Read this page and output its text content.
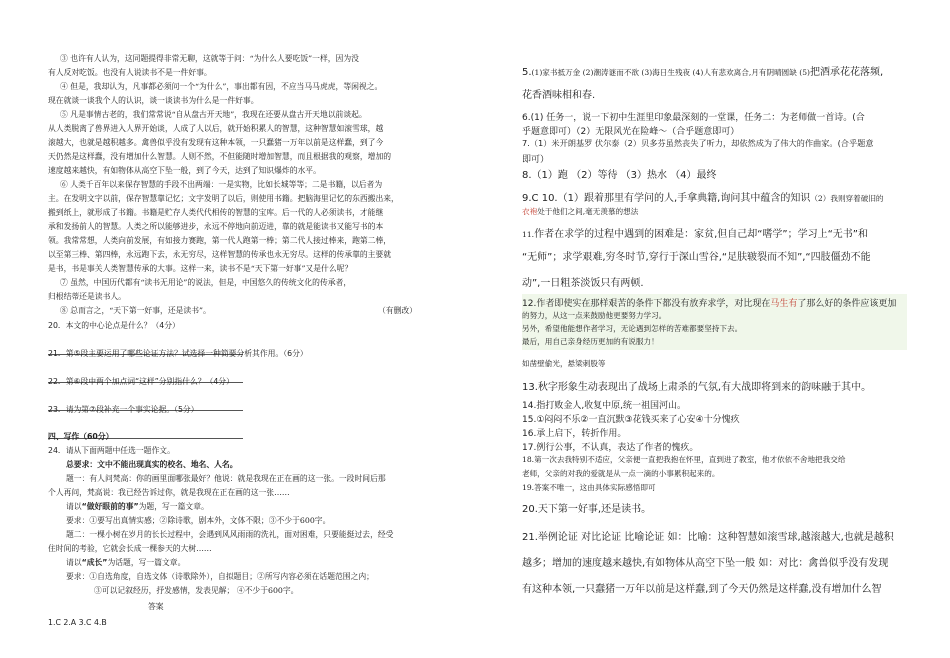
③ 也许有人认为，这同题提得非常无聊，这就等于问：“为什么人要吃饭”一样，因为没
有人反对吃饭。也没有人说读书不是一件好事。
④ 但是，我却认为，凡事都必须问一个“为什么”，事出都有因，不应当马马虎虎，等闲视之。
现在就谈一谈我个人的认识，谈一谈读书为什么是一件好事。
⑤ 凡是事情古老的，我们常常说“自从盘古开天地”，我现在还要从盘古开天地以前谈起。
从人类脱离了兽界进入人界开始谈，人成了人以后，就开始积累人的智慧，这种智慧如滚雪球，越
滚越大，也就是越积越多。禽兽似乎没有发现有这种本领，一只蠢猪一万年以前是这样蠢，到了今
天仍然是这样蠢，没有增加什么智慧。人则不然，不但能随时增加智慧，而且根据我的观察，增加的
速度越来越快，有如物体从高空下坠一般，到了今天，达到了知识爆炸的水平。
⑥ 人类千百年以来保存智慧的手段不出两端：一是实物，比如长城等等；二是书籍，以后者为
主。在发明文字以前，保存智慧靠记忆；文字发明了以后，则使用书籍。把脑海里记忆的东西搬出来，
搬到纸上，就形成了书籍。书籍是贮存人类代代相传的智慧的宝库。后一代的人必须读书，才能继
承和发扬前人的智慧。人类之所以能够进步，永远不停地向前迈进，靠的就是能读书又能写书的本
领。我常常想，人类向前发展，有如接力赛跑，第一代人跑第一棒；第二代人接过棒来，跑第二棒，
以至第三棒、第四棒，永远跑下去，永无穷尽，这样智慧的传承也永无穷尽。这样的传承靠的主要就
是书，书是事关人类智慧传承的大事。这样一来，读书不是“天下第一好事”又是什么呢？
⑦ 虽然，中国历代都有“读书无用论”的说法，但是，中国悠久的传统文化的传承者，
归根结蒂还是读书人。
⑧ 总而言之，“天下第一好事，还是读书”。	（有删改）
20．本文的中心论点是什么？（4分）
21．第⑤段主要运用了哪些论证方法？试选择一种简要分析其作用。（6分）
22．第⑥段中两个加点词“这样”分别指什么？（4分）
23．请为第⑦段补充一个事实论据。（5分）
四、写作（60分）
24．请从下面两题中任选一题作文。
总要求：文中不能出现真实的校名、地名、人名。
题一：有人问梵高：你的画里面哪张最好？他说：就是我现在正在画的这一张。一段时间后那
个人再问，梵高说：我已经告诉过你，就是我现在正在画的这一张……
请以“做好眼前的事”为题，写一篇文章。
要求：①要写出真情实感；②除诗歌，剧本外，文体不限；③不少于600字。
题二：一棵小树在岁月的长长过程中，会遇到风风雨雨的洗礼，面对困难，只要能挺过去，经受
住时间的考验，它就会长成一棵参天的大树……
请以“成长”为话题，写一篇文章。
要求：①自选角度，自选文体（诗歌除外），自拟题目；②所写内容必须在话题范围之内；
③可以记叙经历，抒发感情，发表见解； ④不少于600字。
答案
1.C 2.A 3.C 4.B
5.(1)家书抵万金 (2)潮涛谜而不欲 (3)海日生残夜 (4)人有悲欢离合,月有阴晴圆缺 (5)把酒承花花落频,
花香酒味相和春.
6.(1) 任务一，说一下初中生涯里印象最深刻的一堂课，任务二：为老师做一首诗。(合
乎题意即可）（2）无限风光在险峰～（合乎题意即可）
7.（1）米开朗基罗 伏尔泰（2）贝多芬虽然丧失了听力，却依然成为了伟大的作曲家。(合乎题意
即可）
8.（1）跑 （2）等待 （3）热水 （4）最终
9.C 10.（1）跟着那里有学问的人,手拿典籍,询问其中蕴含的知识（2）我则穿着破旧的
衣袍处于他们之间,毫无羡慕的想法
11.作者在求学的过程中遇到的困难是：家贫,但自己却“嗜学”；学习上“无书”和
“无师”；求学艰难,穷冬时节,穿行于深山雪谷,“足肤皲裂而不知”,“四肢僵劲不能
动”,一日粗茶淡饭只有两顿.
12.作者即使实在那样艰苦的条件下都没有放弃求学，对比现在马生有了那么好的条件应该更加
的努力，从这一点来鼓励他更要努力学习。
另外，希望他能想作者学习，无论遇到怎样的苦难都要坚持下去。
最后，用自己亲身经历更加的有说服力！
如凿壁偷光，悬梁刺股等
13.秋字形象生动表现出了战场上肃杀的气氛,有大战即将到来的韵味融于其中。
14.指打败金人,收复中原,统一祖国河山。
15.①闷闷不乐②一直沉默③花钱买来了心安④十分愧疚
16.承上启下，转折作用。
17.例行公事，不认真，表达了作者的愧疚。
18.第一次去我特别不适应，父亲便一直把我抱在怀里，直到进了教室，他才依依不舍地把我交给
老师，父亲的对我的爱就是从一点一滴的小事累积起来的。
19.答案不唯一，这由具体实际感悟即可
20.天下第一好事,还是读书。
21.举例论证 对比论证 比喻论证 如：比喻：这种智慧如滚雪球,越滚越大,也就是越积
越多；增加的速度越来越快,有如物体从高空下坠一般 如：对比：禽兽似乎没有发现
有这种本领,一只蠢猪一万年以前是这样蠢,到了今天仍然是这样蠢,没有增加什么智
